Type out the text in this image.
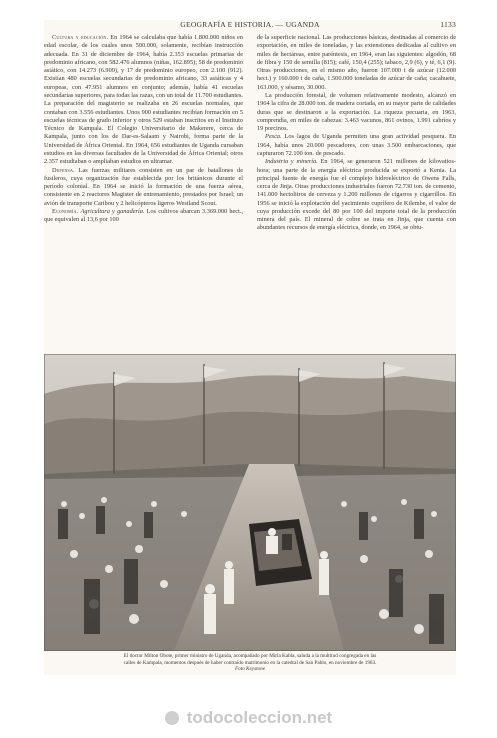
GEOGRAFÍA E HISTORIA. — UGANDA	1133

Cultura y educación. En 1964 se calculaba que había 1.800.000 niños en edad escolar, de los cuales unos 500.000, solamente, recibían instrucción adecuada. En 31 de diciembre de 1964, había 2.353 escuelas primarias de predominio africano, con 582.476 alumnos (niñas, 162.895); 58 de predominio asiático, con 14.273 (6.909), y 17 de predominio europeo, con 2.100 (912). Existían 480 escuelas secundarias de predominio africano, 33 asiáticas y 4 europeas, con 47.951 alumnos en conjunto; además, había 41 escuelas secundarias superiores, para todas las razas, con un total de 11.700 estudiantes. La preparación del magisterio se realizaba en 26 escuelas normales, que contaban con 3.556 estudiantes. Unos 900 estudiantes recibían formación en 5 escuelas técnicas de grado inferior y otros 529 estaban inscritos en el Instituto Técnico de Kampala. El Colegio Universitario de Makerere, cerca de Kampala, junto con los de Dar-es-Salaam y Nairobi, forma parte de la Universidad de África Oriental. En 1964, 656 estudiantes de Uganda cursaban estudios en las diversas facultades de la Universidad de África Oriental; otros 2.357 estudiaban o ampliaban estudios en ultramar.

Defensa. Las fuerzas militares consisten en un par de batallones de fusileros, cuya organización fue establecida por los británicos durante el período colonial. En 1964 se inició la formación de una fuerza aérea, consistente en 2 reactores Magister de entrenamiento, prestados por Israel; un avión de transporte Caribou y 2 helicópteros ligeros Westland Scout.

Economía. Agricultura y ganadería. Los cultivos abarcan 3.369.000 hect., que equivalen al 13,6 por 100

de la superficie nacional. Las producciones básicas, destinadas al comercio de exportación, en miles de toneladas, y las extensiones dedicadas al cultivo en miles de hectáreas, entre paréntesis, en 1964, eran las siguientes: algodón, 68 de fibra y 150 de semilla (815); café, 150,4 (255); tabaco, 2,9 (6), y té, 6,1 (9). Otras producciones, en el mismo año, fueron 107.000 t de azúcar (12.000 hect.) y 160.000 t de caña, 1.500.000 toneladas de azúcar de caña; cacahuete, 163.000, y sésamo, 30.000.

La producción forestal, de volumen relativamente modesto, alcanzó en 1964 la cifra de 28.000 ton. de madera cortada, en su mayor parte de calidades duras que se destinaron a la exportación. La riqueza pecuaria, en 1963, comprendía, en miles de cabezas: 3.463 vacunos, 861 ovinos, 1.991 cabríos y 19 porcinos.

Pesca. Los lagos de Uganda permiten una gran actividad pesquera. En 1964, había unos 20.000 pescadores, con unas 3.500 embarcaciones, que capturaron 72.100 ton. de pescado.

Industria y minería. En 1964, se generaron 521 millones de kilovatios-hora; una parte de la energía eléctrica producida se exportó a Kenia. La principal fuente de energía fue el complejo hidroeléctrico de Owens Falls, cerca de Jinja. Otras producciones industriales fueron 72.730 ton. de cemento, 141.000 hectolitros de cerveza y 1.200 millones de cigarros y cigarrillos. En 1956 se inició la explotación del yacimiento cuprífero de Kilembe, el valor de cuya producción excede del 80 por 100 del importe total de la producción minera del país. El mineral de cobre se trata en Jinja, que cuenta con abundantes recursos de energía eléctrica, donde, en 1964, se obtu-

El doctor Milton Obote, primer ministro de Uganda, acompañado por Mirla Kabla, saluda a la multitud congregada en las
calles de Kampala, momentos después de haber contraído matrimonio en la catedral de San Pablo, en noviembre de 1963.
Foto Keystone
todocoleccion.net
